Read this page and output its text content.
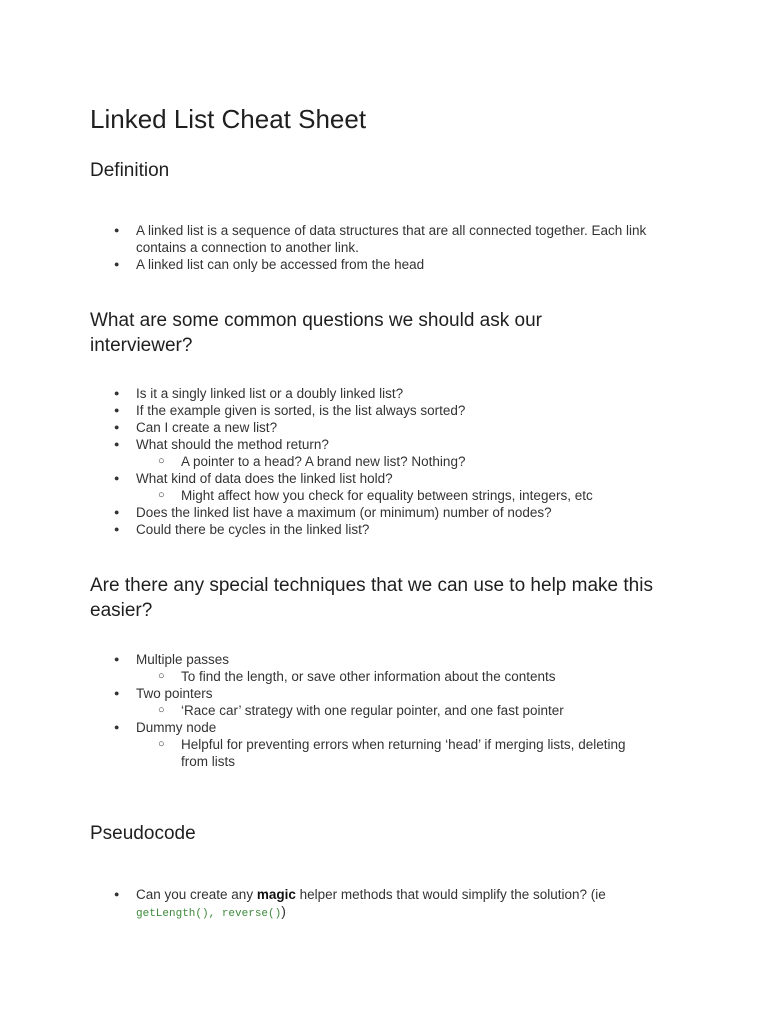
Linked List Cheat Sheet
Definition
● A linked list is a sequence of data structures that are all connected together. Each link contains a connection to another link.
● A linked list can only be accessed from the head
What are some common questions we should ask our interviewer?
● Is it a singly linked list or a doubly linked list?
● If the example given is sorted, is the list always sorted?
● Can I create a new list?
● What should the method return?
○ A pointer to a head? A brand new list? Nothing?
● What kind of data does the linked list hold?
○ Might affect how you check for equality between strings, integers, etc
● Does the linked list have a maximum (or minimum) number of nodes?
● Could there be cycles in the linked list?
Are there any special techniques that we can use to help make this easier?
● Multiple passes
○ To find the length, or save other information about the contents
● Two pointers
○ ‘Race car’ strategy with one regular pointer, and one fast pointer
● Dummy node
○ Helpful for preventing errors when returning ‘head’ if merging lists, deleting from lists
Pseudocode
● Can you create any magic helper methods that would simplify the solution? (ie
getLength(), reverse())
